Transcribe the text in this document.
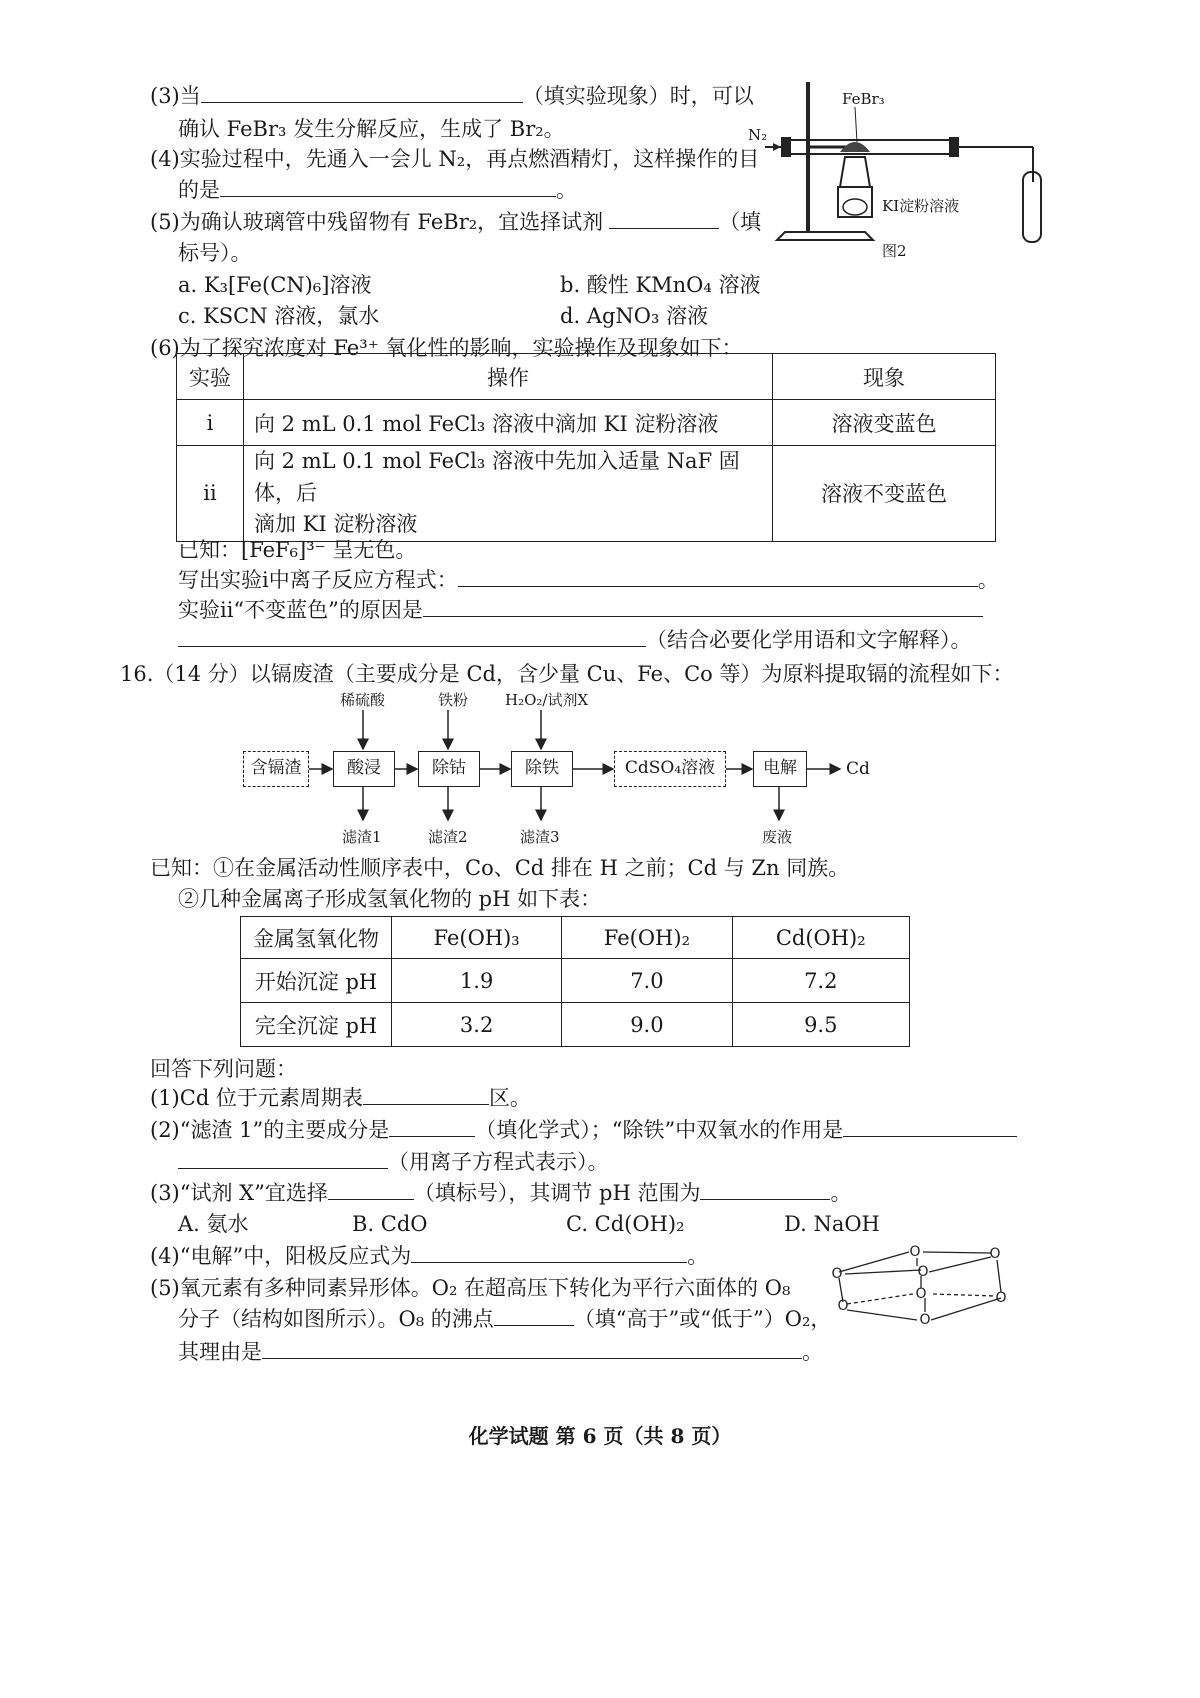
(3)当	（填实验现象）时，可以
确认 FeBr₃ 发生分解反应，生成了 Br₂。
(4)实验过程中，先通入一会儿 N₂，再点燃酒精灯，这样操作的目
的是	。
(5)为确认玻璃管中残留物有 FeBr₂，宜选择试剂	（填
标号）。
a. K₃[Fe(CN)₆]溶液	b. 酸性 KMnO₄ 溶液
c. KSCN 溶液，氯水	d. AgNO₃ 溶液
(6)为了探究浓度对 Fe³⁺ 氧化性的影响，实验操作及现象如下：
N₂
FeBr₃
KI淀粉溶液
图2
实验	操作	现象
ⅰ	向 2 mL 0.1 mol FeCl₃ 溶液中滴加 KI 淀粉溶液	溶液变蓝色
ⅱ	向 2 mL 0.1 mol FeCl₃ 溶液中先加入适量 NaF 固体，后
滴加 KI 淀粉溶液	溶液不变蓝色
已知：[FeF₆]³⁻ 呈无色。
写出实验ⅰ中离子反应方程式：	。
实验ⅱ“不变蓝色”的原因是
（结合必要化学用语和文字解释）。
16.（14 分）以镉废渣（主要成分是 Cd，含少量 Cu、Fe、Co 等）为原料提取镉的流程如下：
稀硫酸	铁粉 H₂O₂/试剂X
含镉渣	酸浸	除钴	除铁	CdSO₄溶液	电解	Cd
滤渣1	滤渣2	滤渣3	废液
已知：①在金属活动性顺序表中，Co、Cd 排在 H 之前；Cd 与 Zn 同族。
②几种金属离子形成氢氧化物的 pH 如下表：
金属氢氧化物	Fe(OH)₃	Fe(OH)₂	Cd(OH)₂
开始沉淀 pH	1.9	7.0	7.2
完全沉淀 pH	3.2	9.0	9.5
回答下列问题：
(1)Cd 位于元素周期表	区。
(2)“滤渣 1”的主要成分是	（填化学式）；“除铁”中双氧水的作用是
（用离子方程式表示）。
(3)“试剂 X”宜选择	（填标号），其调节 pH 范围为	。
A. 氨水	B. CdO	C. Cd(OH)₂	D. NaOH
(4)“电解”中，阳极反应式为	。
(5)氧元素有多种同素异形体。O₂ 在超高压下转化为平行六面体的 O₈
分子（结构如图所示）。O₈ 的沸点	（填“高于”或“低于”）O₂，
其理由是	。
O	O
O	O
O	O
O
O
化学试题 第 6 页（共 8 页）
